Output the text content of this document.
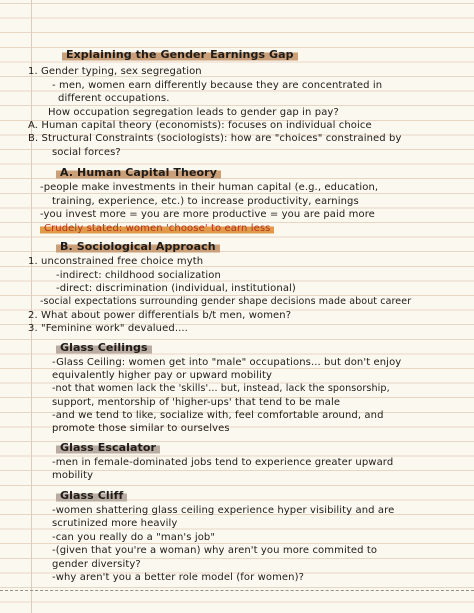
Explaining the Gender Earnings Gap
1. Gender typing, sex segregation
- men, women earn differently because they are concentrated in
different occupations.
How occupation segregation leads to gender gap in pay?
A. Human capital theory (economists): focuses on individual choice
B. Structural Constraints (sociologists): how are "choices" constrained by
social forces?
A. Human Capital Theory
-people make investments in their human capital (e.g., education,
training, experience, etc.) to increase productivity, earnings
-you invest more = you are more productive = you are paid more
Crudely stated: women 'choose' to earn less
B. Sociological Approach
1. unconstrained free choice myth
-indirect: childhood socialization
-direct: discrimination (individual, institutional)
-social expectations surrounding gender shape decisions made about career
2. What about power differentials b/t men, women?
3. "Feminine work" devalued....
Glass Ceilings
-Glass Ceiling: women get into "male" occupations... but don't enjoy
equivalently higher pay or upward mobility
-not that women lack the 'skills'... but, instead, lack the sponsorship,
support, mentorship of 'higher-ups' that tend to be male
-and we tend to like, socialize with, feel comfortable around, and
promote those similar to ourselves
Glass Escalator
-men in female-dominated jobs tend to experience greater upward
mobility
Glass Cliff
-women shattering glass ceiling experience hyper visibility and are
scrutinized more heavily
-can you really do a "man's job"
-(given that you're a woman) why aren't you more commited to
gender diversity?
-why aren't you a better role model (for women)?
